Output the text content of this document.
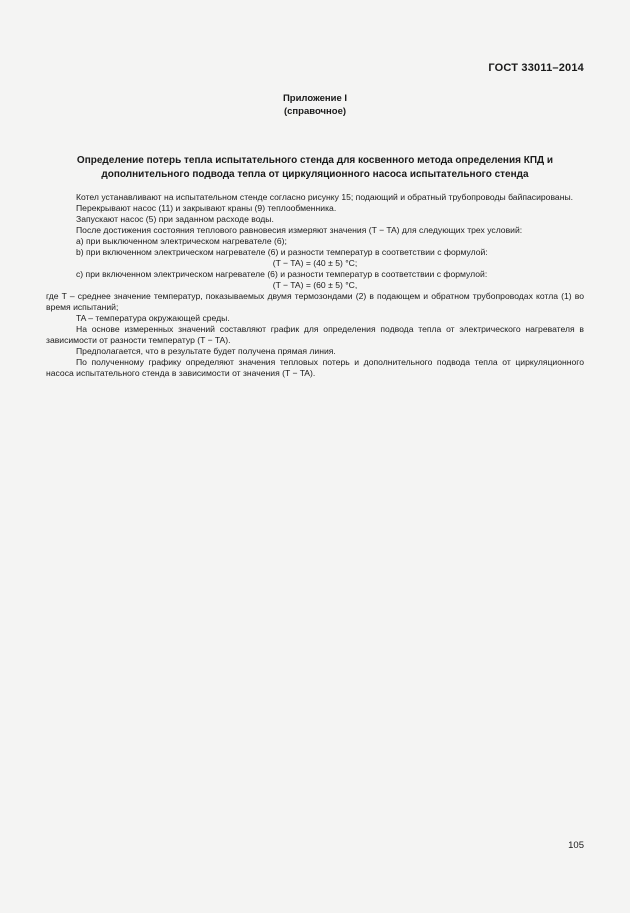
ГОСТ 33011–2014
Приложение I
(справочное)
Определение потерь тепла испытательного стенда для косвенного метода определения КПД и
дополнительного подвода тепла от циркуляционного насоса испытательного стенда

Котел устанавливают на испытательном стенде согласно рисунку 15; подающий и обратный трубопроводы байпасированы.

Перекрывают насос (11) и закрывают краны (9) теплообменника.

Запускают насос (5) при заданном расходе воды.

После достижения состояния теплового равновесия измеряют значения (T − TA) для следующих трех условий:

a) при выключенном электрическом нагревателе (6);

b) при включенном электрическом нагревателе (6) и разности температур в соответствии с формулой:

(T − TA) = (40 ± 5) °С;

с) при включенном электрическом нагревателе (6) и разности температур в соответствии с формулой:

(T − TA) = (60 ± 5) °С,

где T – среднее значение температур, показываемых двумя термозондами (2) в подающем и обратном трубопроводах котла (1) во время испытаний;

TA – температура окружающей среды.

На основе измеренных значений составляют график для определения подвода тепла от электрического нагревателя в зависимости от разности температур (T − TA).

Предполагается, что в результате будет получена прямая линия.

По полученному графику определяют значения тепловых потерь и дополнительного подвода тепла от циркуляционного насоса испытательного стенда в зависимости от значения (T − TA).

105
